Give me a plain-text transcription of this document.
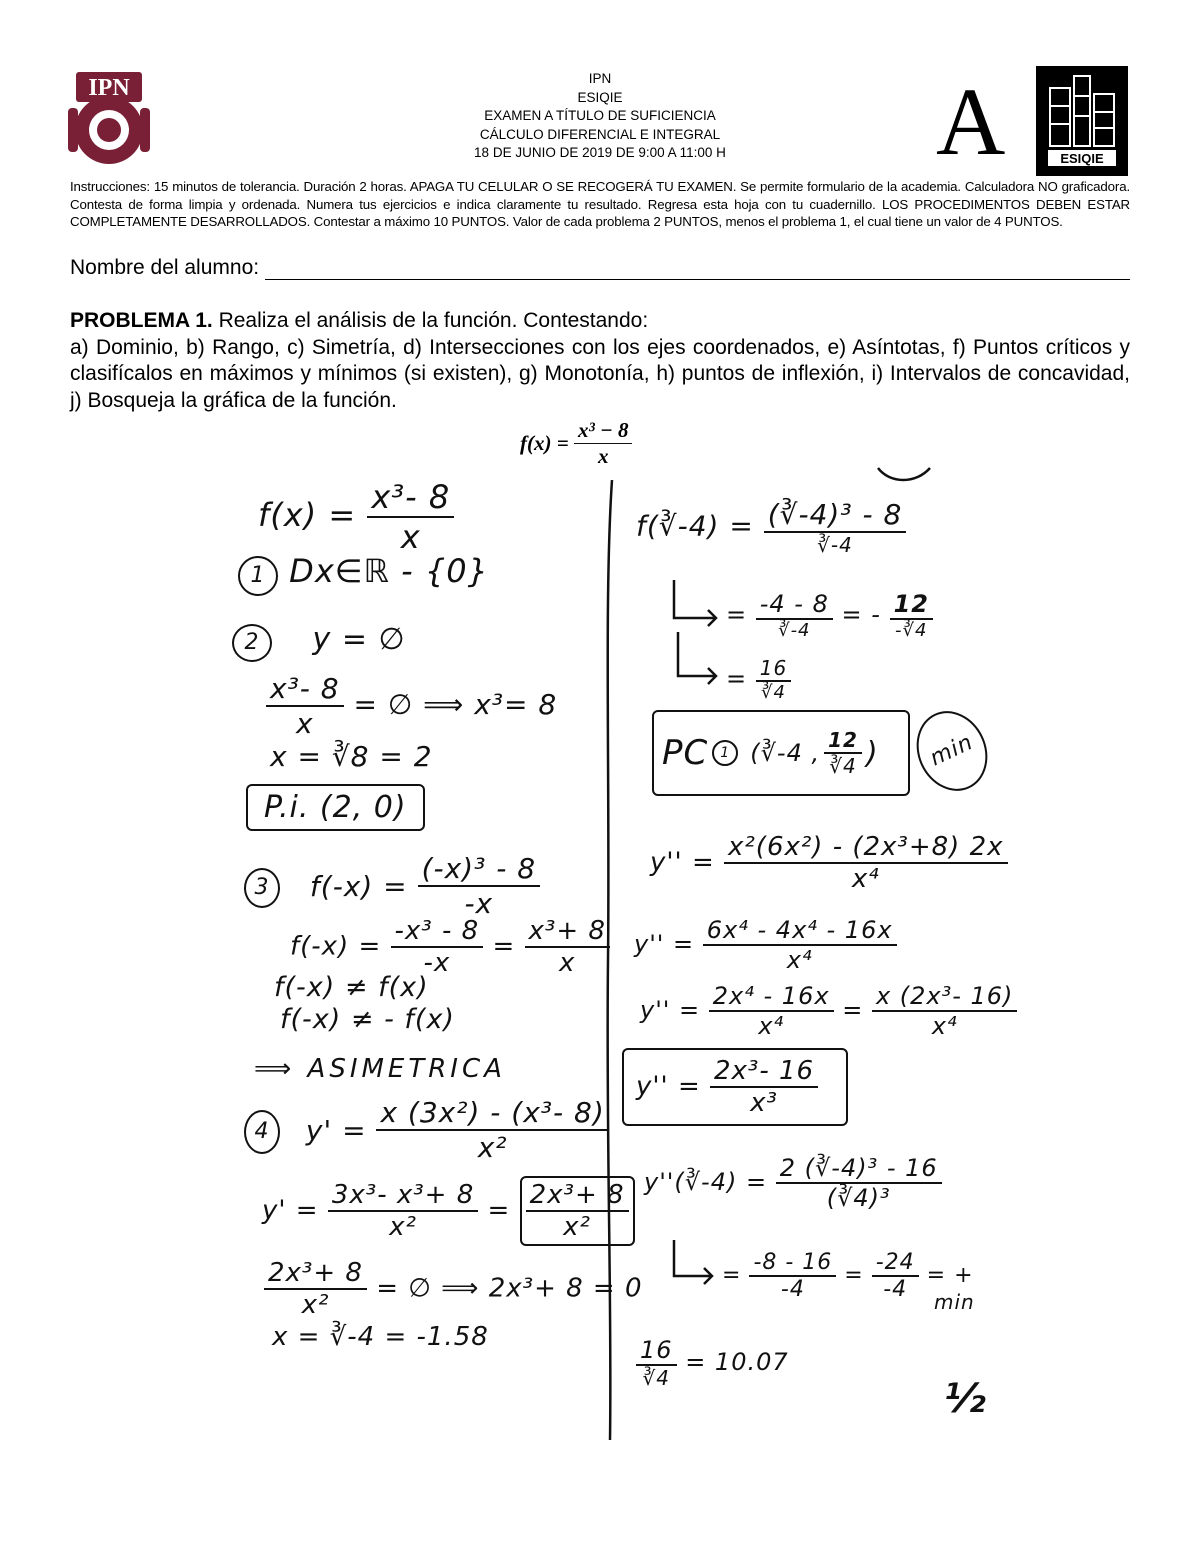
IPN	IPN
ESIQIE
EXAMEN A TÍTULO DE SUFICIENCIA
CÁLCULO DIFERENCIAL E INTEGRAL
18 DE JUNIO DE 2019 DE 9:00 A 11:00 H	A	ESIQIE
Instrucciones: 15 minutos de tolerancia. Duración 2 horas. APAGA TU CELULAR O SE RECOGERÁ TU EXAMEN. Se permite formulario de la academia. Calculadora NO graficadora. Contesta de forma limpia y ordenada. Numera tus ejercicios e indica claramente tu resultado. Regresa esta hoja con tu cuadernillo. LOS PROCEDIMENTOS DEBEN ESTAR COMPLETAMENTE DESARROLLADOS. Contestar a máximo 10 PUNTOS. Valor de cada problema 2 PUNTOS, menos el problema 1, el cual tiene un valor de 4 PUNTOS.
Nombre del alumno:
PROBLEMA 1. Realiza el análisis de la función. Contestando:
a) Dominio, b) Rango, c) Simetría, d) Intersecciones con los ejes coordenados, e) Asíntotas, f) Puntos críticos y clasifícalos en máximos y mínimos (si existen), g) Monotonía, h) puntos de inflexión, i) Intervalos de concavidad, j) Bosqueja la gráfica de la función.
$f(x) = \frac{\text{x³ − 8}}{x}$
$f(x) = \frac{\text{x³- 8}}{x}$
1 Dx∈ℝ - {0}
2 y = ∅
$\frac{\text{x³- 8}}{x}$ = ∅ ⟹ x³= 8
x = ∛8 = 2
P.i. (2, 0)
3 $f(-x) = \frac{\text{(-x)³ - 8}}{-x}$
$f(-x) = \frac{\text{-x³ - 8}}{-x} = \frac{\text{x³+ 8}}{x}$
f(-x) ≠ f(x)
f(-x) ≠ - f(x)
⟹ ASIMETRICA
4 $y' = \frac{\text{x (3x²) - (x³- 8)}}{\text{x²}}$
$y' = \frac{\text{3x³- x³+ 8}}{\text{x²}} = \frac{\text{2x³+ 8}}{\text{x²}}$
$\frac{\text{2x³+ 8}}{\text{x²}}$ = ∅ ⟹ 2x³+ 8 = 0
x = ∛-4 = -1.58
f(∛-4) = $\frac{\text{(∛-4)³ - 8}}{∛-4}$
= $\frac{-4 - 8}{∛-4}$ = - $\frac{12}{-∛4}$
= $\frac{16}{∛4}$
PC 1 (∛-4 , $\frac{12}{∛4}$ )	min
$y'' = \frac{\text{x²(6x²) - (2x³+8) 2x}}{\text{x⁴}}$
$y'' = \frac{\text{6x⁴ - 4x⁴ - 16x}}{\text{x⁴}}$
$y'' = \frac{\text{2x⁴ - 16x}}{\text{x⁴}} = \frac{\text{x (2x³- 16)}}{\text{x⁴}}$
$y'' = \frac{\text{2x³- 16}}{\text{x³}}$
y''(∛-4) = $\frac{\text{2 (∛-4)³ - 16}}{\text{(∛4)³}}$
= $\frac{-8 - 16}{-4} = \frac{-24}{-4}$ = +
min
$\frac{16}{∛4} = 10.07$
½
